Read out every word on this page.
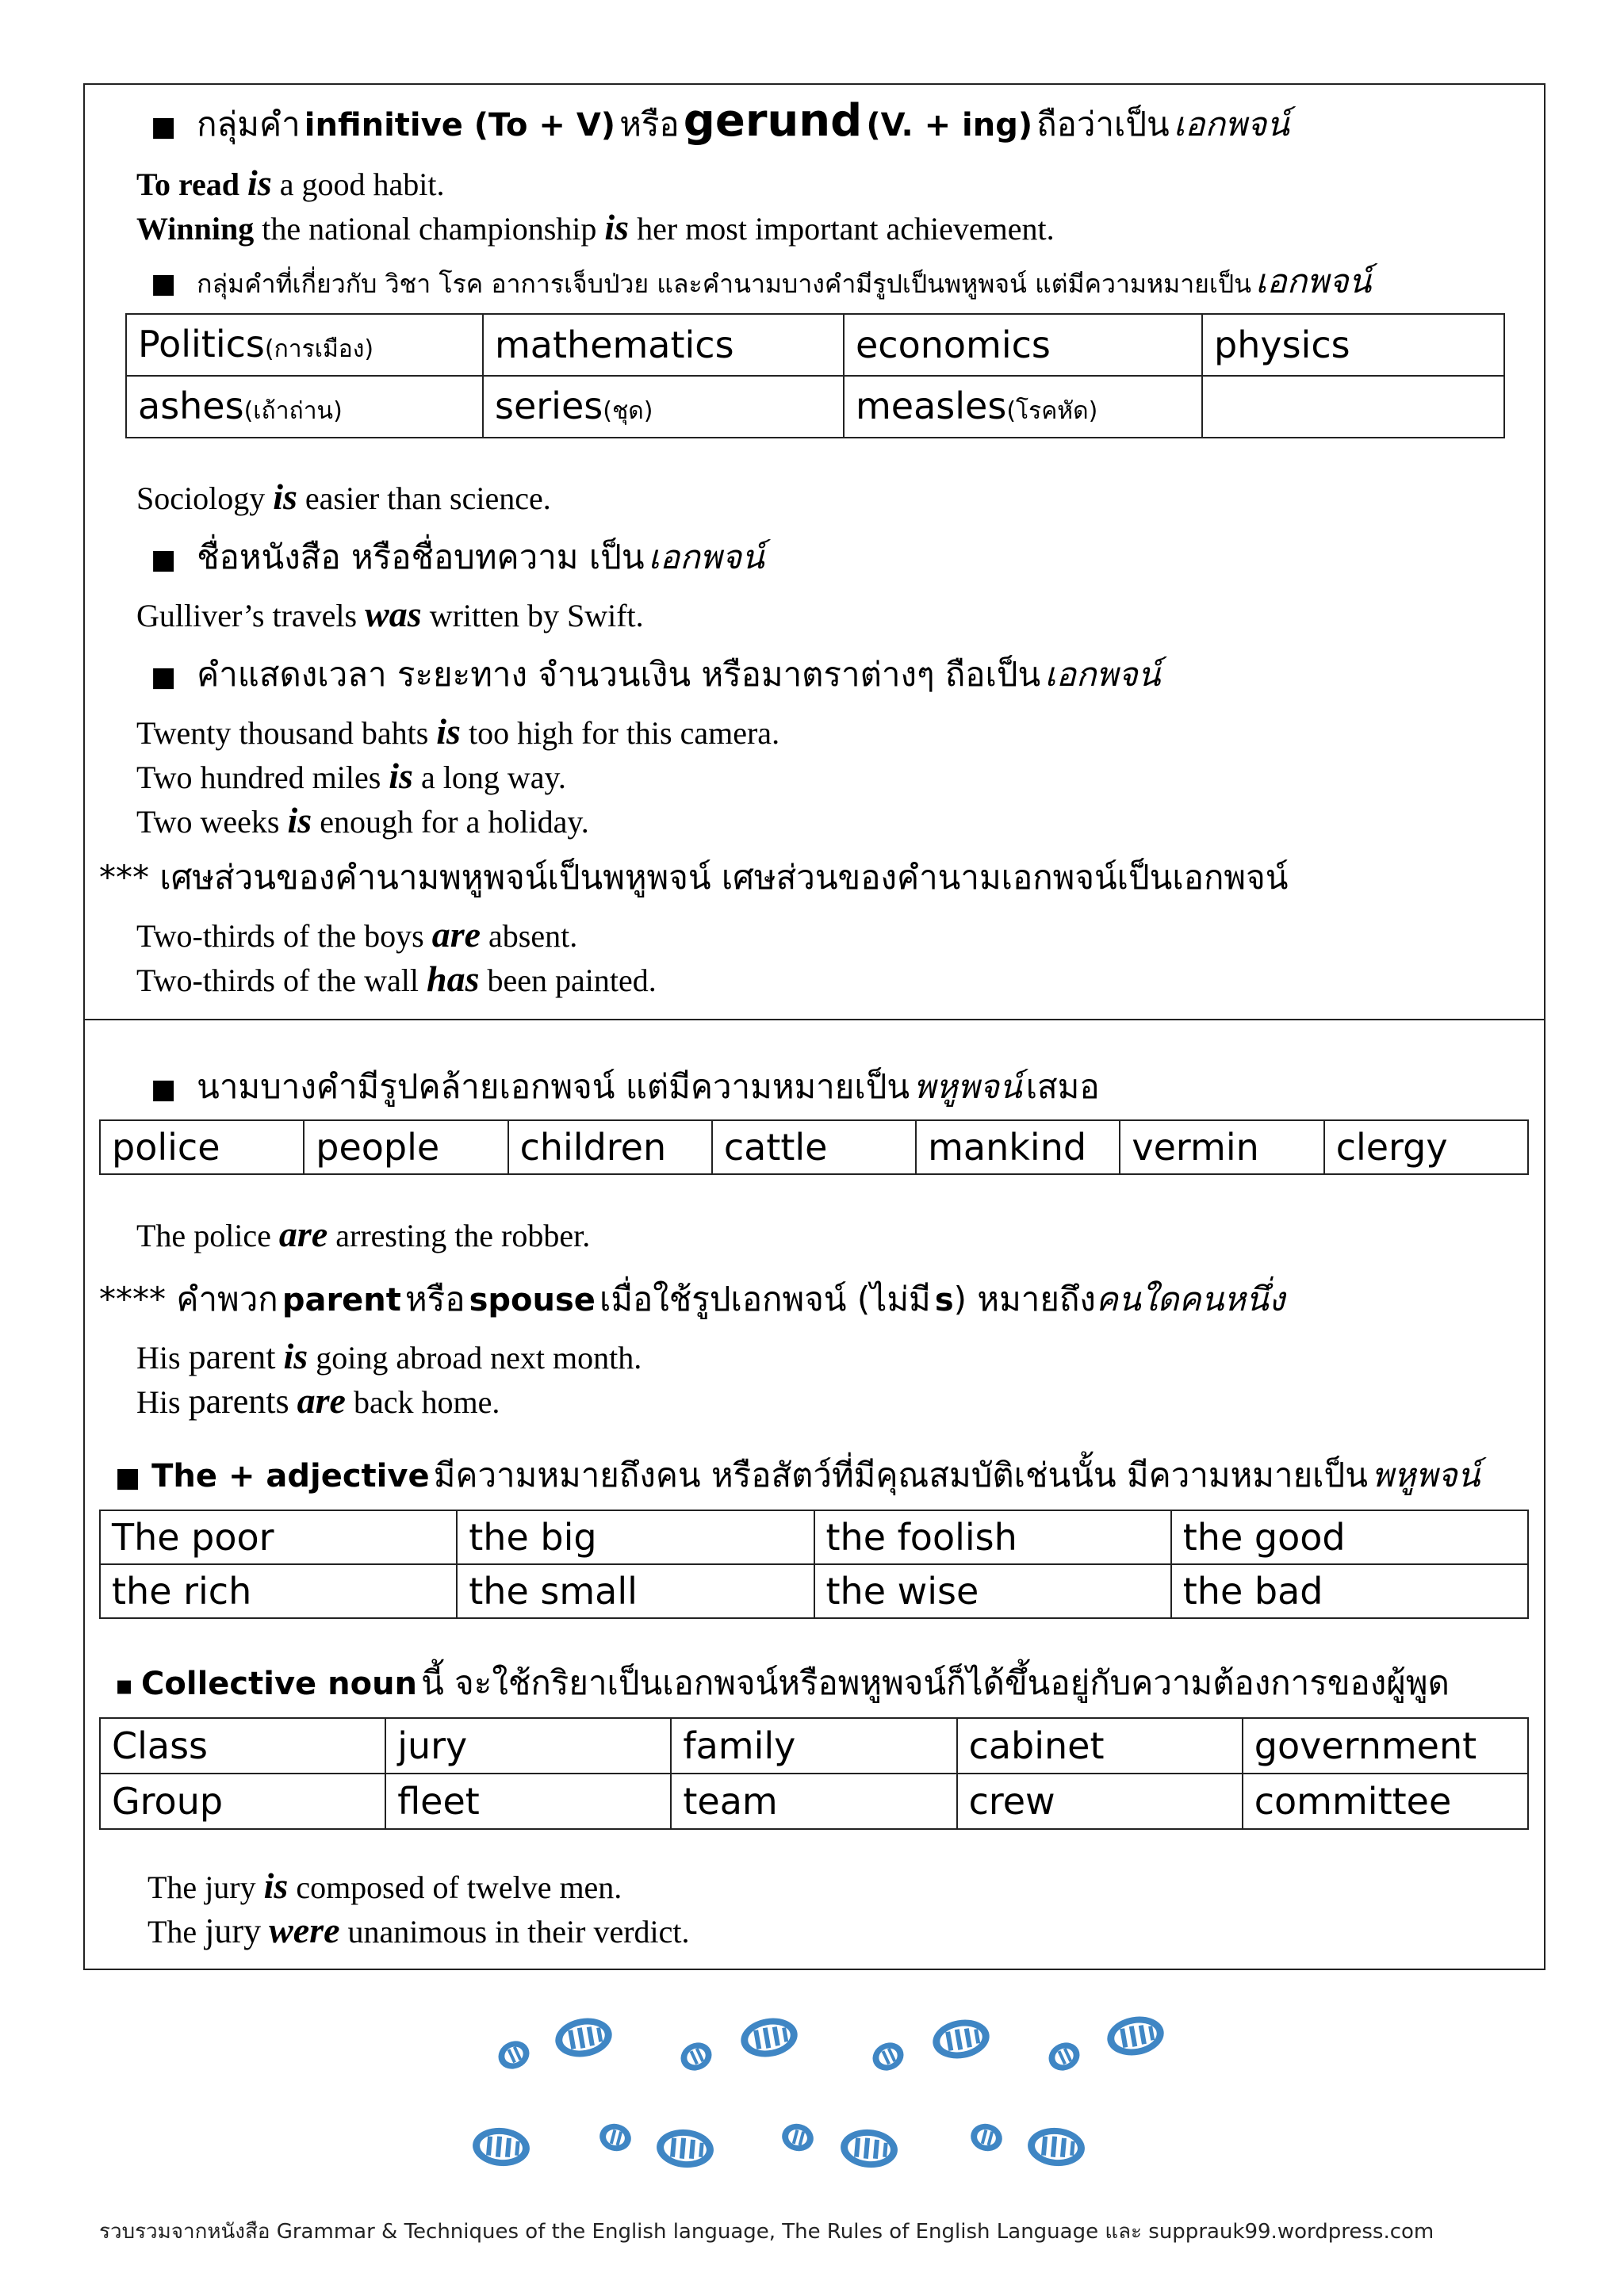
■ กลุ่มคำ infinitive (To + V) หรือ gerund (V. + ing) ถือว่าเป็น เอกพจน์
To read is a good habit.
Winning the national championship is her most important achievement.
■ กลุ่มคำที่เกี่ยวกับ วิชา โรค อาการเจ็บป่วย และคำนามบางคำมีรูปเป็นพหูพจน์ แต่มีความหมายเป็น เอกพจน์
Politics(การเมือง)	mathematics	economics	physics
ashes(เถ้าถ่าน)	series(ชุด)	measles(โรคหัด)	
Sociology is easier than science.
■ ชื่อหนังสือ หรือชื่อบทความ เป็น เอกพจน์
Gulliver’s travels was written by Swift.
■ คำแสดงเวลา ระยะทาง จำนวนเงิน หรือมาตราต่างๆ ถือเป็น เอกพจน์
Twenty thousand bahts is too high for this camera.
Two hundred miles is a long way.
Two weeks is enough for a holiday.
*** เศษส่วนของคำนามพหูพจน์เป็นพหูพจน์ เศษส่วนของคำนามเอกพจน์เป็นเอกพจน์
Two-thirds of the boys are absent.
Two-thirds of the wall has been painted.
■ นามบางคำมีรูปคล้ายเอกพจน์ แต่มีความหมายเป็น พหูพจน์ เสมอ
police	people	children	cattle	mankind	vermin	clergy
The police are arresting the robber.
**** คำพวก parent หรือ spouse เมื่อใช้รูปเอกพจน์ (ไม่มี s) หมายถึงคนใดคนหนึ่ง
His parent is going abroad next month.
His parents are back home.
■ The + adjective มีความหมายถึงคน หรือสัตว์ที่มีคุณสมบัติเช่นนั้น มีความหมายเป็น พหูพจน์
The poor	the big	the foolish	the good
the rich	the small	the wise	the bad
▪ Collective noun นี้ จะใช้กริยาเป็นเอกพจน์หรือพหูพจน์ก็ได้ขึ้นอยู่กับความต้องการของผู้พูด
Class	jury	family	cabinet	government
Group	fleet	team	crew	committee
The jury is composed of twelve men.
The jury were unanimous in their verdict.
รวบรวมจากหนังสือ Grammar & Techniques of the English language, The Rules of English Language และ supprauk99.wordpress.com
